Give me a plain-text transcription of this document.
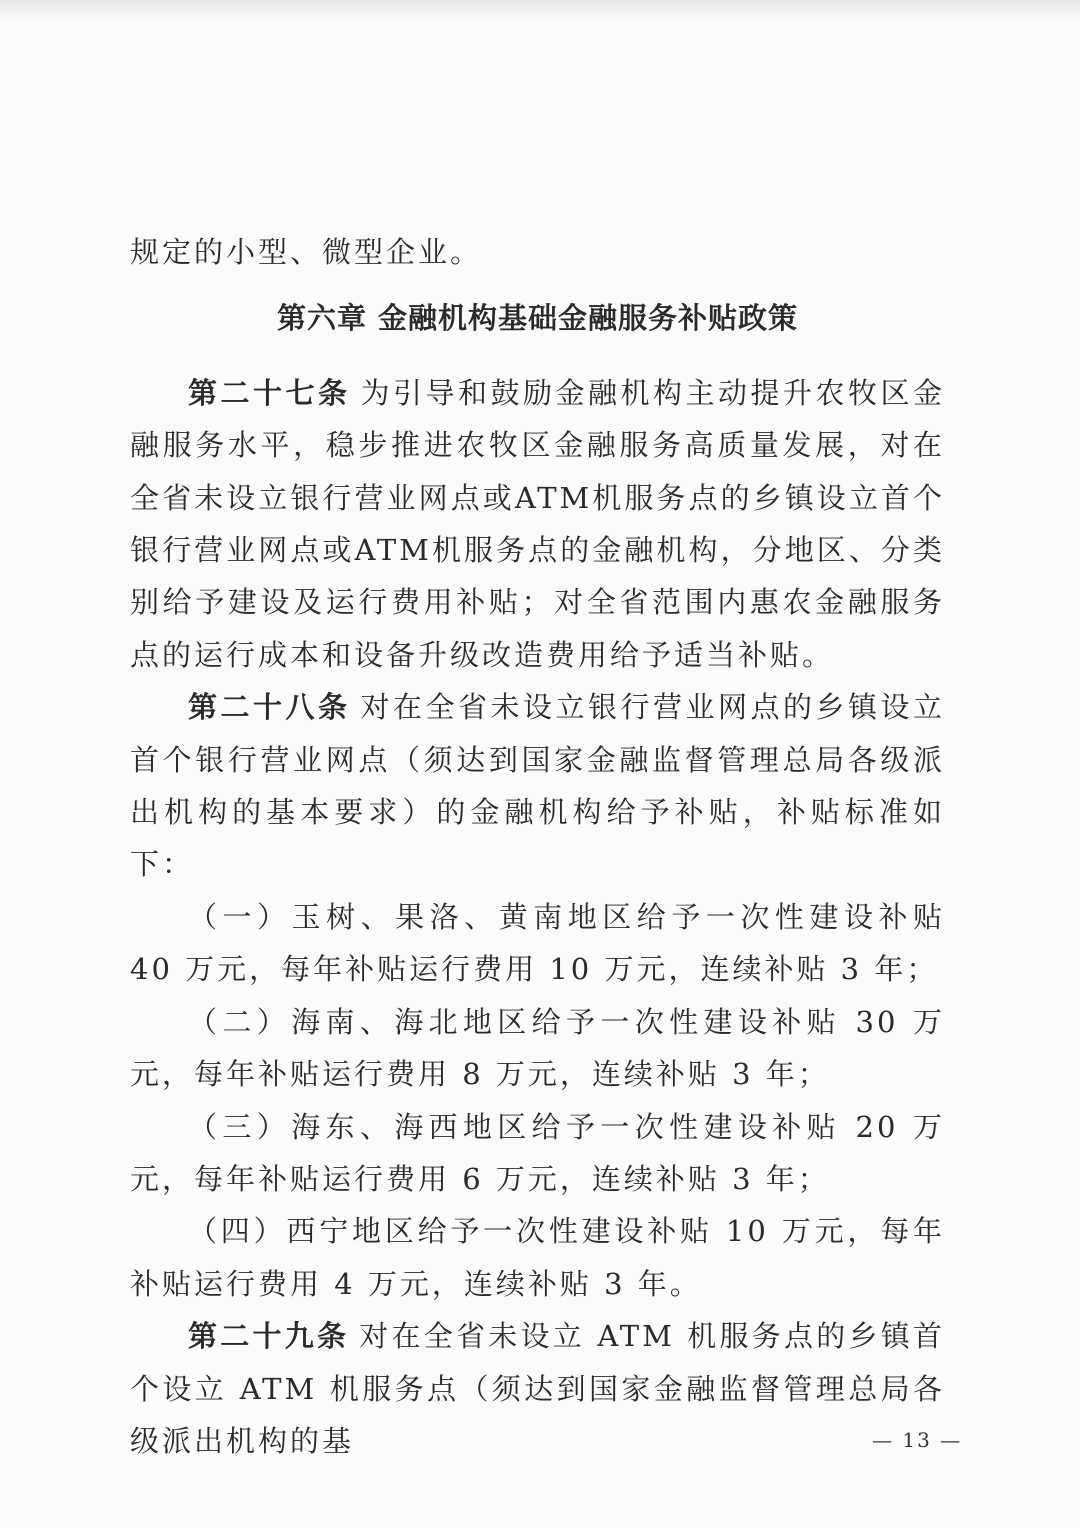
规定的小型、微型企业。

第六章 金融机构基础金融服务补贴政策

第二十七条 为引导和鼓励金融机构主动提升农牧区金融服务水平，稳步推进农牧区金融服务高质量发展，对在全省未设立银行营业网点或ATM机服务点的乡镇设立首个银行营业网点或ATM机服务点的金融机构，分地区、分类别给予建设及运行费用补贴；对全省范围内惠农金融服务点的运行成本和设备升级改造费用给予适当补贴。

第二十八条 对在全省未设立银行营业网点的乡镇设立首个银行营业网点（须达到国家金融监督管理总局各级派出机构的基本要求）的金融机构给予补贴，补贴标准如下：

（一）玉树、果洛、黄南地区给予一次性建设补贴 40 万元，每年补贴运行费用 10 万元，连续补贴 3 年；

（二）海南、海北地区给予一次性建设补贴 30 万元，每年补贴运行费用 8 万元，连续补贴 3 年；

（三）海东、海西地区给予一次性建设补贴 20 万元，每年补贴运行费用 6 万元，连续补贴 3 年；

（四）西宁地区给予一次性建设补贴 10 万元，每年补贴运行费用 4 万元，连续补贴 3 年。

第二十九条 对在全省未设立 ATM 机服务点的乡镇首个设立 ATM 机服务点（须达到国家金融监督管理总局各级派出机构的基	— 13 —
